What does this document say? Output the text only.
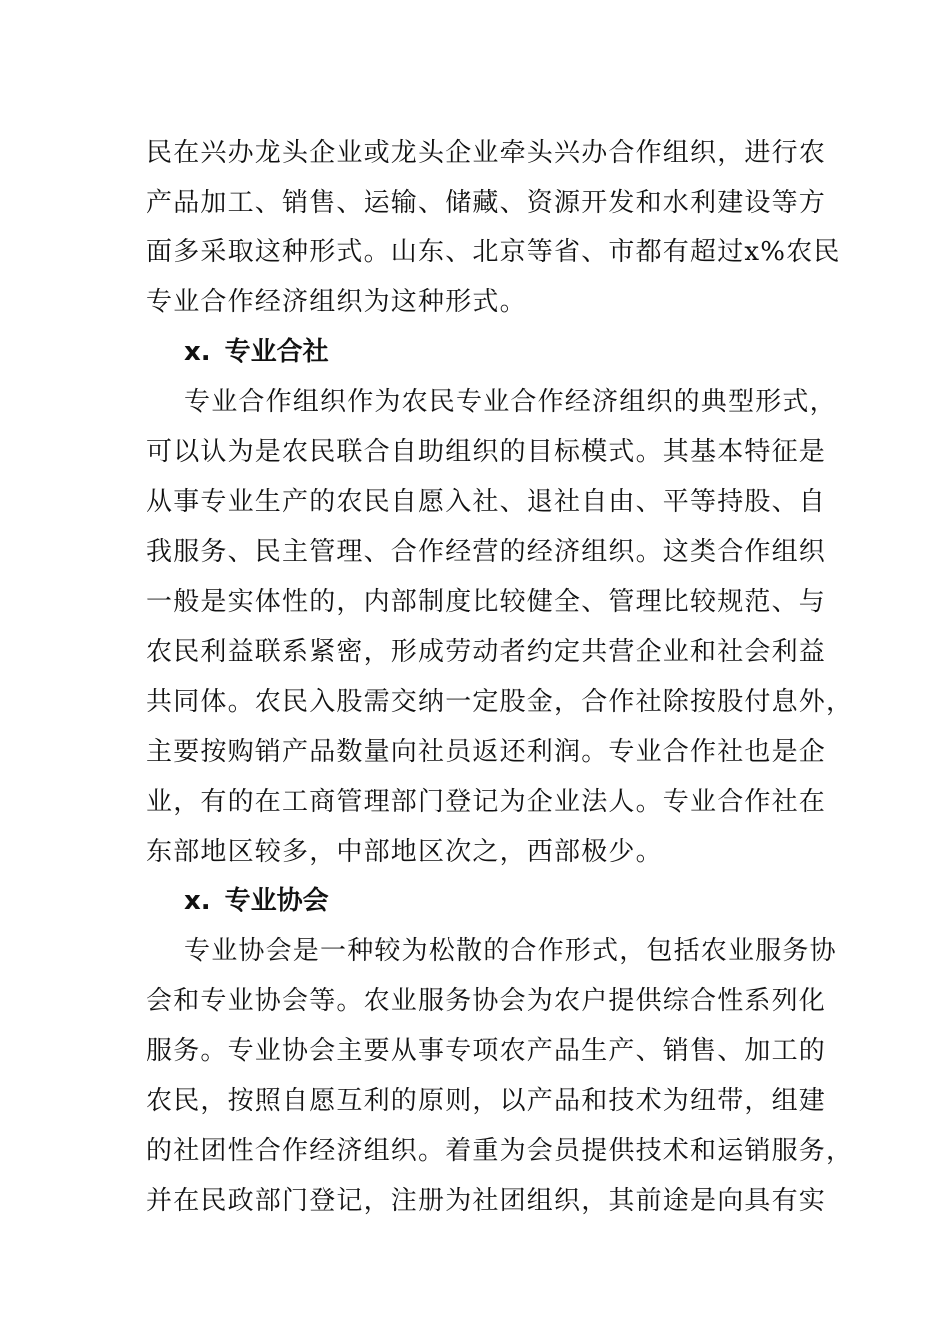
民在兴办龙头企业或龙头企业牵头兴办合作组织，进行农
产品加工、销售、运输、储藏、资源开发和水利建设等方
面多采取这种形式。山东、北京等省、市都有超过x%农民
专业合作经济组织为这种形式。
x. 专业合社
专业合作组织作为农民专业合作经济组织的典型形式，
可以认为是农民联合自助组织的目标模式。其基本特征是
从事专业生产的农民自愿入社、退社自由、平等持股、自
我服务、民主管理、合作经营的经济组织。这类合作组织
一般是实体性的，内部制度比较健全、管理比较规范、与
农民利益联系紧密，形成劳动者约定共营企业和社会利益
共同体。农民入股需交纳一定股金，合作社除按股付息外，
主要按购销产品数量向社员返还利润。专业合作社也是企
业，有的在工商管理部门登记为企业法人。专业合作社在
东部地区较多，中部地区次之，西部极少。
x. 专业协会
专业协会是一种较为松散的合作形式，包括农业服务协
会和专业协会等。农业服务协会为农户提供综合性系列化
服务。专业协会主要从事专项农产品生产、销售、加工的
农民，按照自愿互利的原则，以产品和技术为纽带，组建
的社团性合作经济组织。着重为会员提供技术和运销服务，
并在民政部门登记，注册为社团组织，其前途是向具有实
